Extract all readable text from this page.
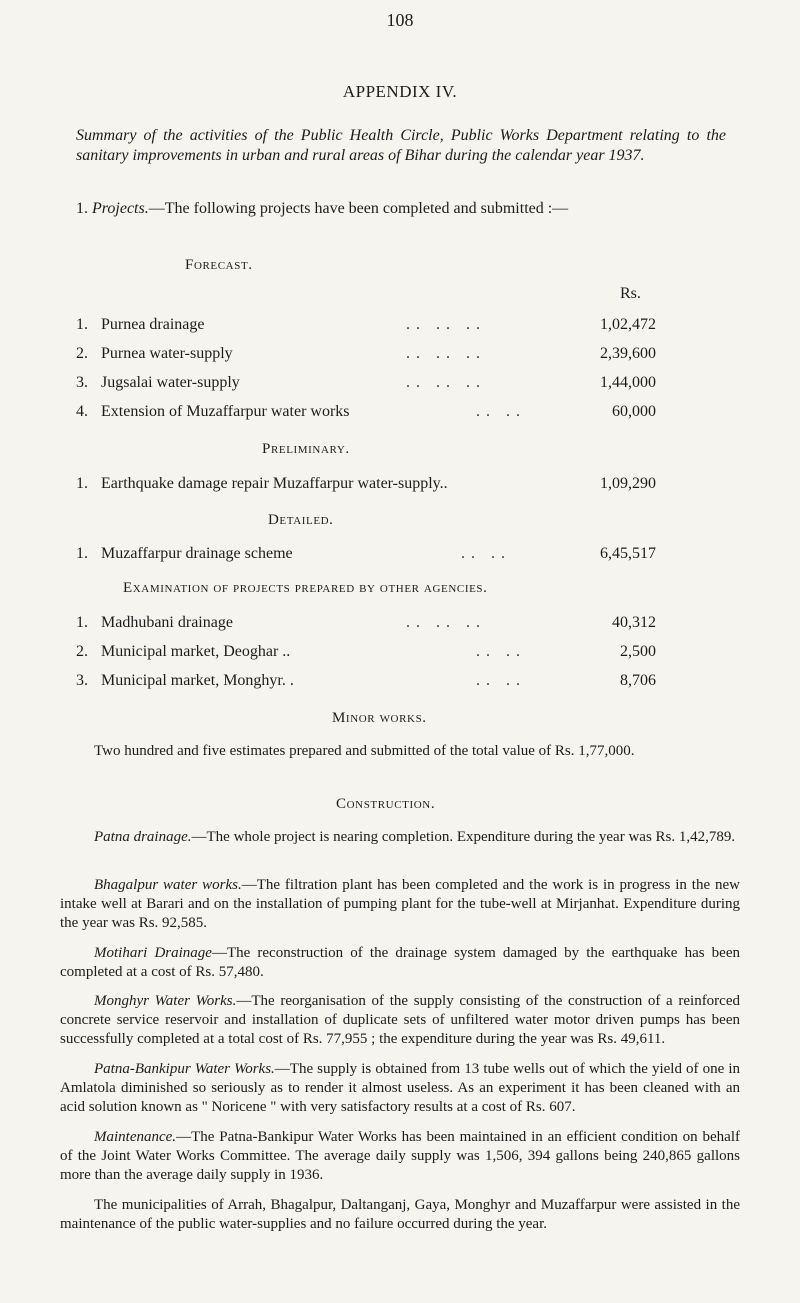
108
APPENDIX IV.
Summary of the activities of the Public Health Circle, Public Works Department relating to the sanitary improvements in urban and rural areas of Bihar during the calendar year 1937.
1. Projects.—The following projects have been completed and submitted :—
Forecast.
Rs.
1. Purnea drainage	.. .. ..	1,02,472
2. Purnea water-supply	.. .. ..	2,39,600
3. Jugsalai water-supply	.. .. ..	1,44,000
4. Extension of Muzaffarpur water works	.. ..	60,000
Preliminary.
1. Earthquake damage repair Muzaffarpur water-supply..	1,09,290
Detailed.
1. Muzaffarpur drainage scheme	.. ..	6,45,517
Examination of projects prepared by other agencies.
1. Madhubani drainage	.. .. ..	40,312
2. Municipal market, Deoghar ..	.. ..	2,500
3. Municipal market, Monghyr. .	.. ..	8,706
Minor works.
Two hundred and five estimates prepared and submitted of the total value of Rs. 1,77,000.
Construction.
Patna drainage.—The whole project is nearing completion. Expenditure during the year was Rs. 1,42,789.
Bhagalpur water works.—The filtration plant has been completed and the work is in progress in the new intake well at Barari and on the installation of pumping plant for the tube-well at Mirjanhat. Expenditure during the year was Rs. 92,585.
Motihari Drainage—The reconstruction of the drainage system damaged by the earthquake has been completed at a cost of Rs. 57,480.
Monghyr Water Works.—The reorganisation of the supply consisting of the construction of a reinforced concrete service reservoir and installation of duplicate sets of unfiltered water motor driven pumps has been successfully completed at a total cost of Rs. 77,955 ; the expenditure during the year was Rs. 49,611.
Patna-Bankipur Water Works.—The supply is obtained from 13 tube wells out of which the yield of one in Amlatola diminished so seriously as to render it almost useless. As an experiment it has been cleaned with an acid solution known as " Noricene " with very satisfactory results at a cost of Rs. 607.
Maintenance.—The Patna-Bankipur Water Works has been maintained in an efficient condition on behalf of the Joint Water Works Committee. The average daily supply was 1,506, 394 gallons being 240,865 gallons more than the average daily supply in 1936.
The municipalities of Arrah, Bhagalpur, Daltanganj, Gaya, Monghyr and Muzaffarpur were assisted in the maintenance of the public water-supplies and no failure occurred during the year.
